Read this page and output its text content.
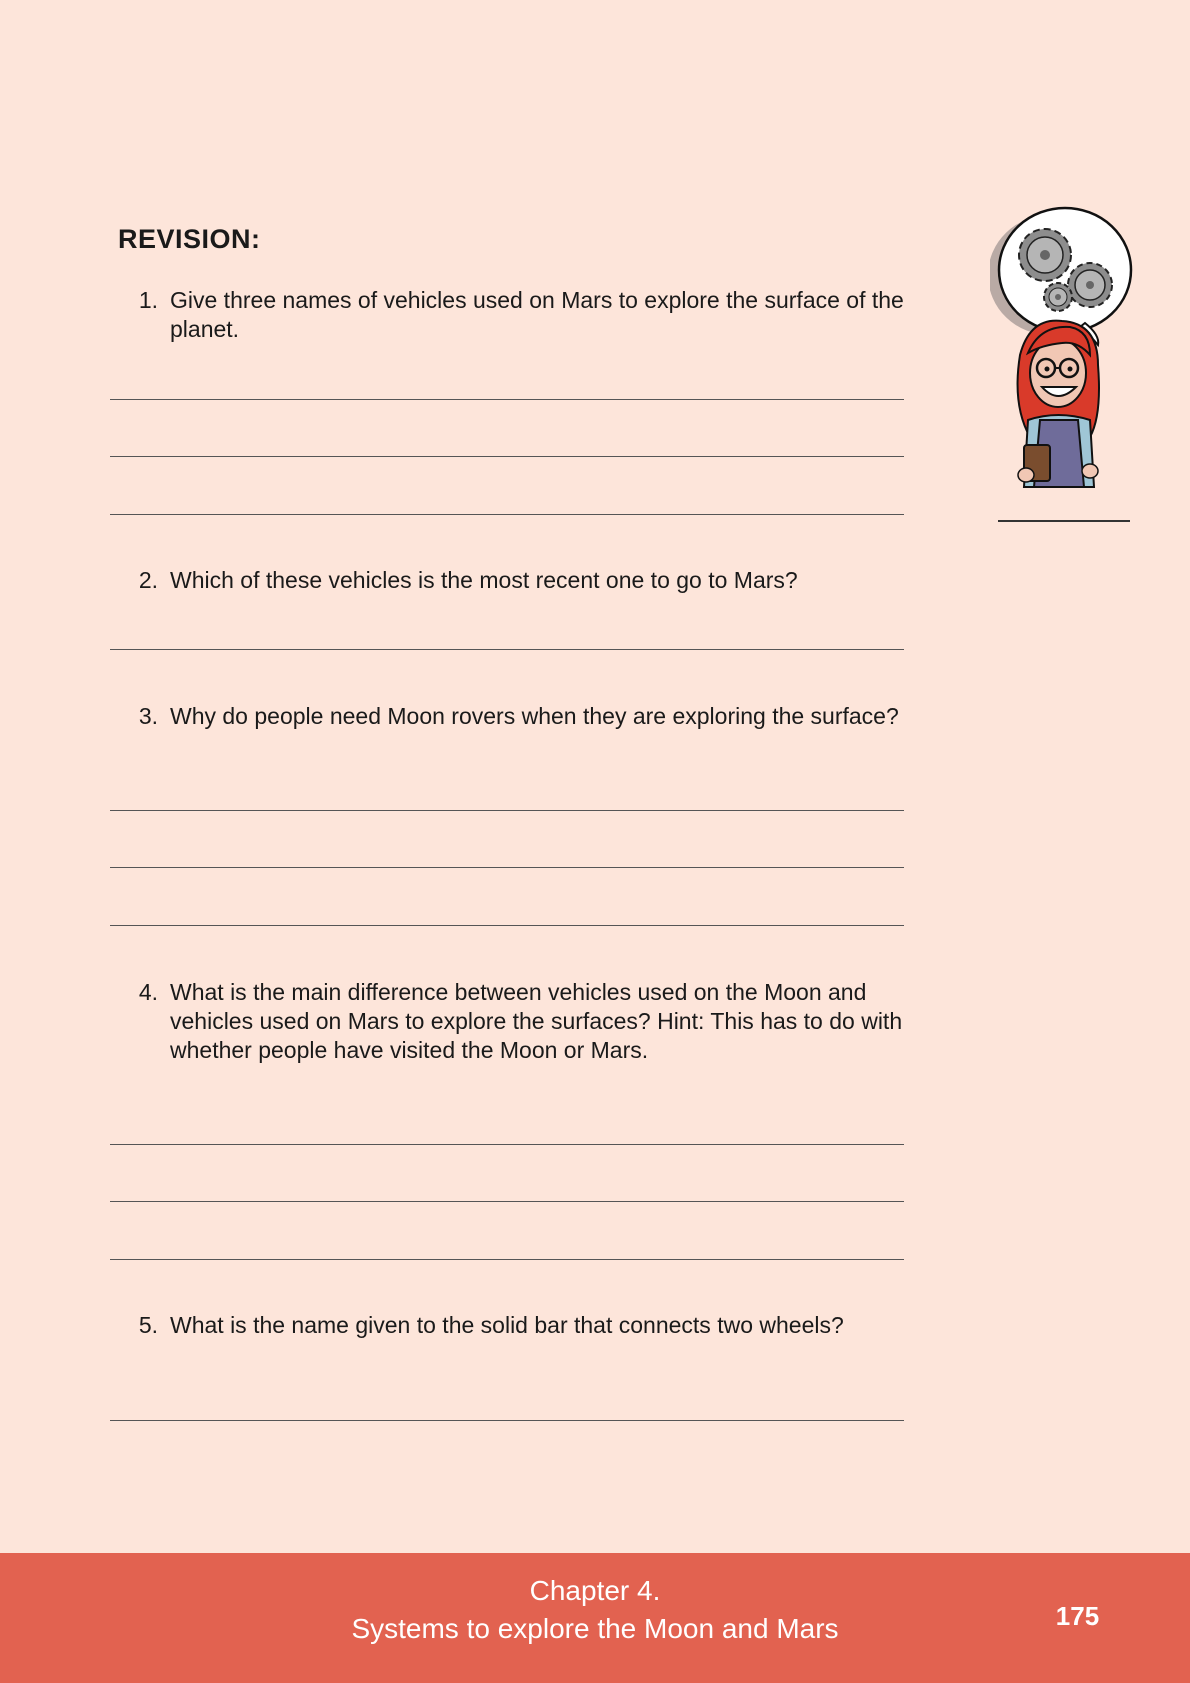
REVISION:
1. Give three names of vehicles used on Mars to explore the surface of the planet.
2. Which of these vehicles is the most recent one to go to Mars?
3. Why do people need Moon rovers when they are exploring the surface?
4. What is the main difference between vehicles used on the Moon and vehicles used on Mars to explore the surfaces? Hint: This has to do with whether people have visited the Moon or Mars.
5. What is the name given to the solid bar that connects two wheels?
Chapter 4.
Systems to explore the Moon and Mars	175
